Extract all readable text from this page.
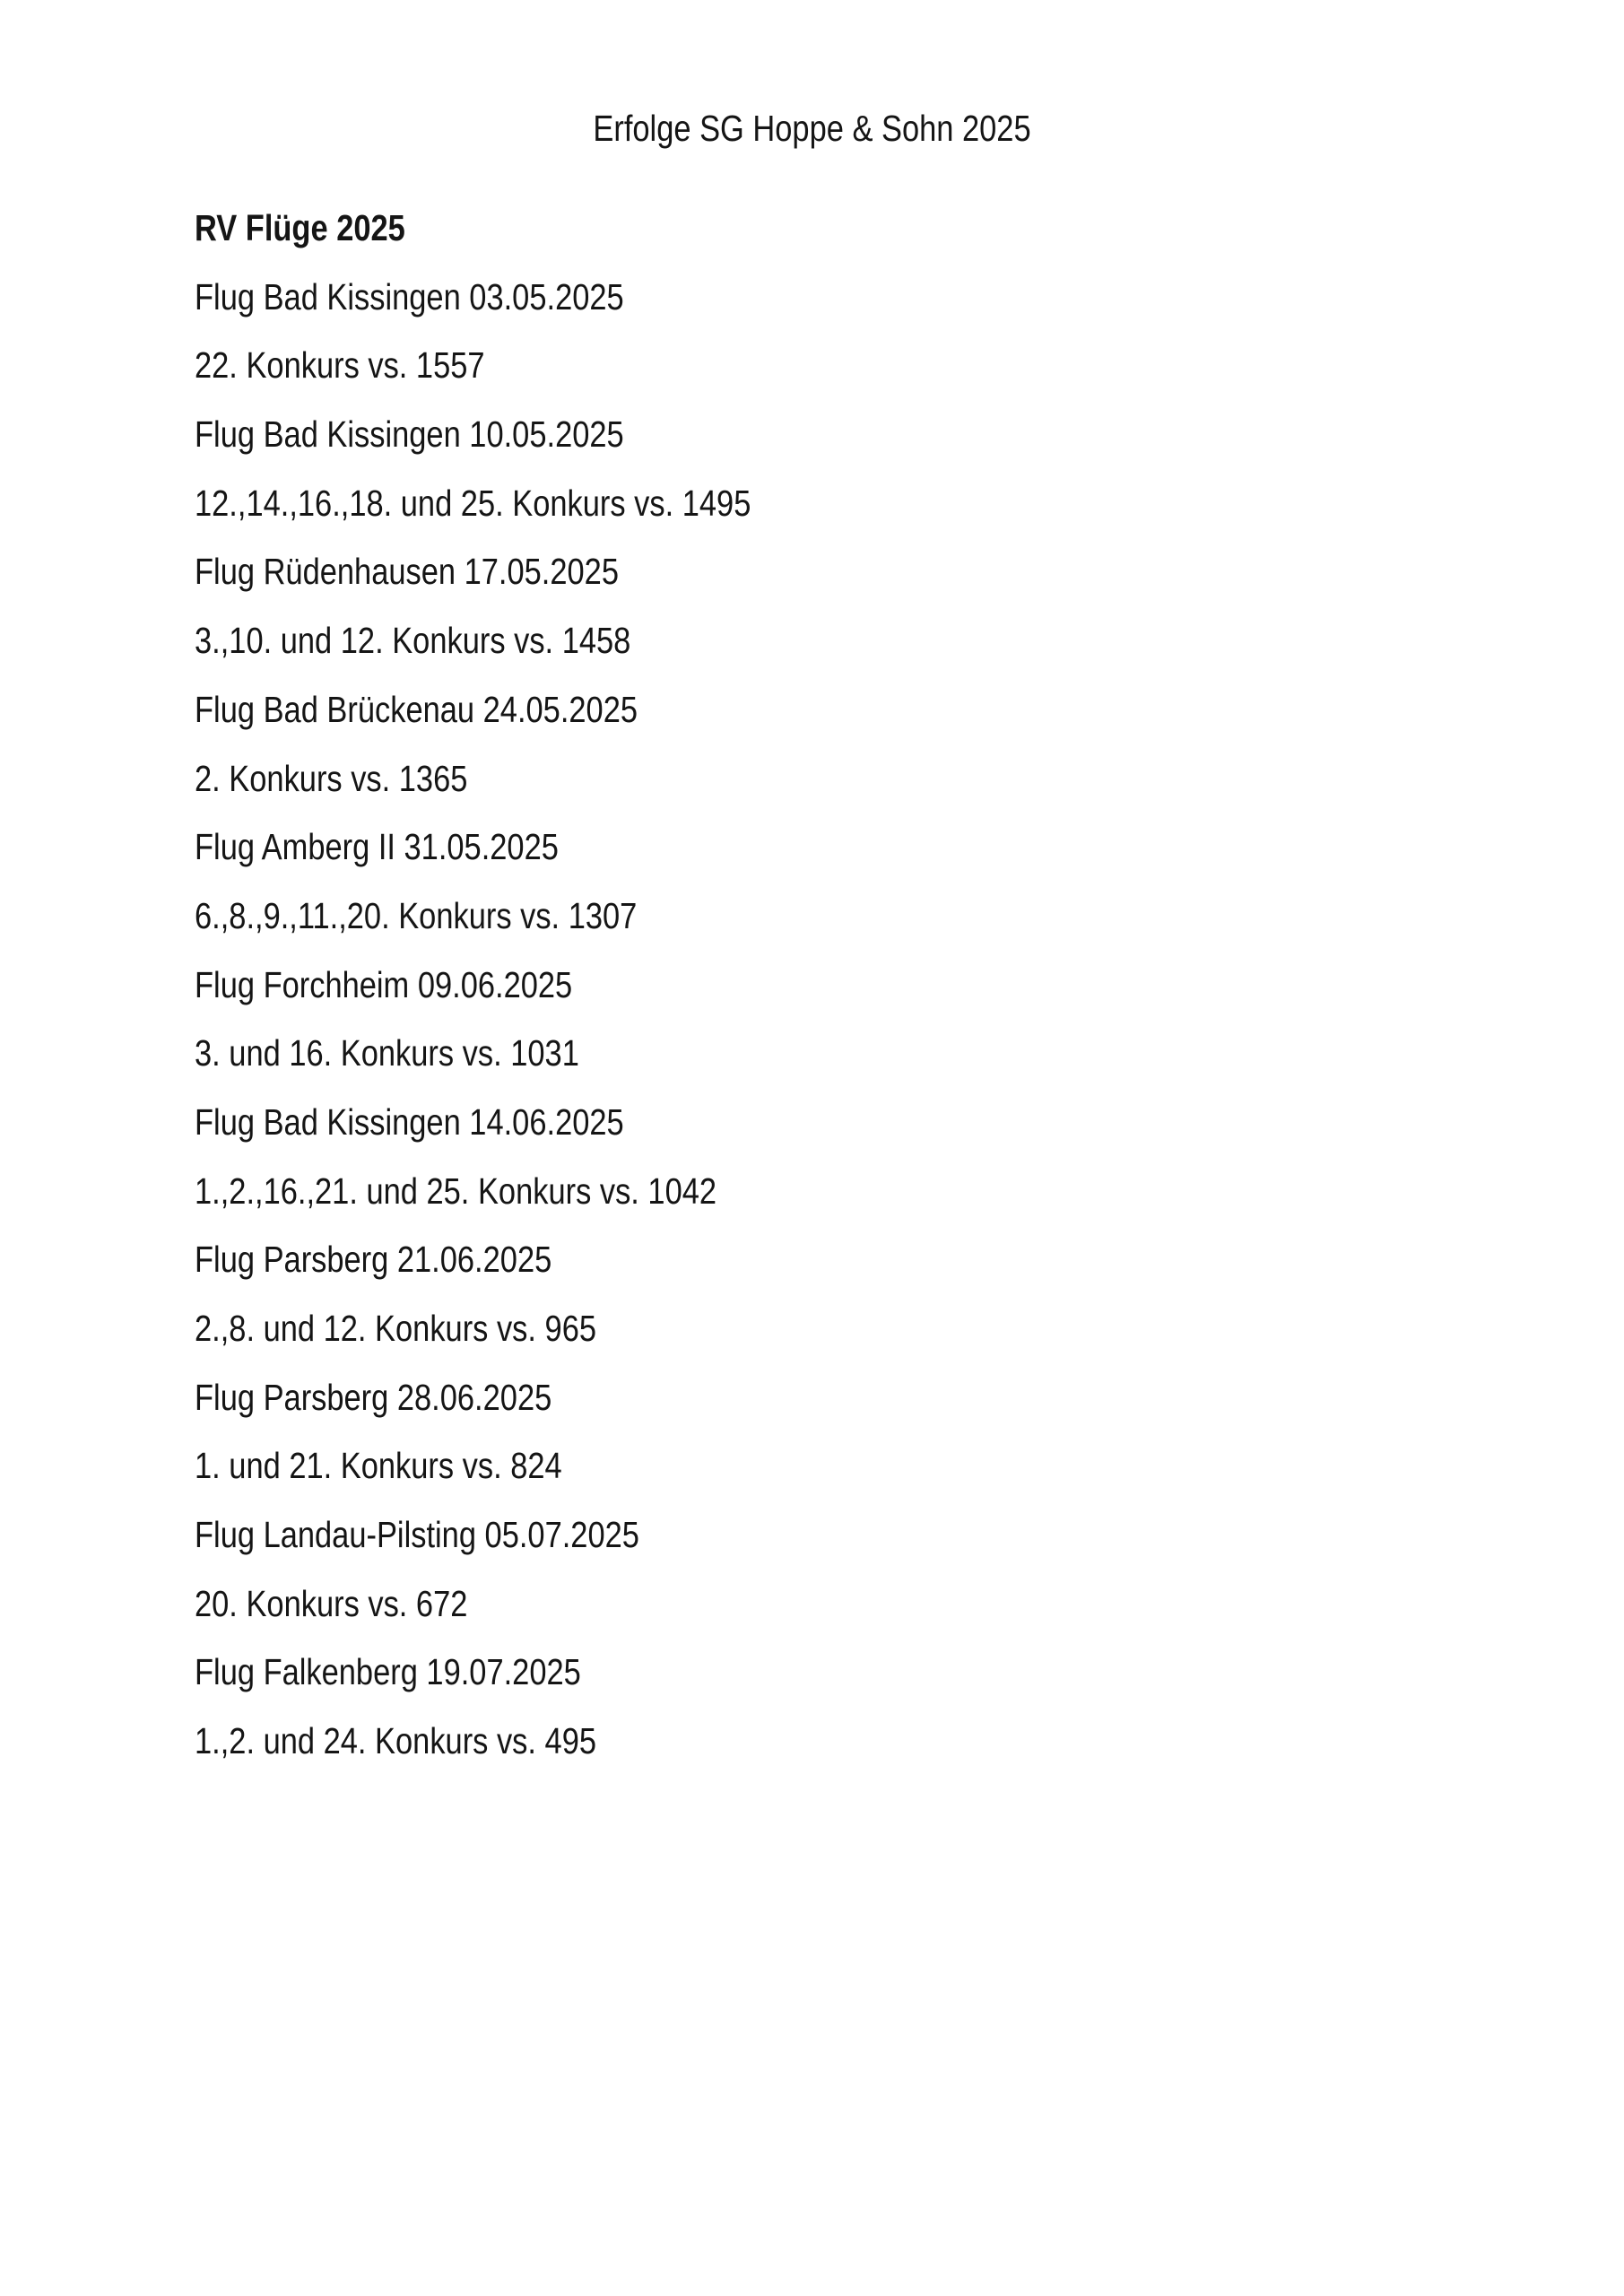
Erfolge SG Hoppe & Sohn 2025

RV Flüge 2025

Flug Bad Kissingen 03.05.2025

22. Konkurs vs. 1557

Flug Bad Kissingen 10.05.2025

12.,14.,16.,18. und 25. Konkurs vs. 1495

Flug Rüdenhausen 17.05.2025

3.,10. und 12. Konkurs vs. 1458

Flug Bad Brückenau 24.05.2025

2. Konkurs vs. 1365

Flug Amberg II 31.05.2025

6.,8.,9.,11.,20. Konkurs vs. 1307

Flug Forchheim 09.06.2025

3. und 16. Konkurs vs. 1031

Flug Bad Kissingen 14.06.2025

1.,2.,16.,21. und 25. Konkurs vs. 1042

Flug Parsberg 21.06.2025

2.,8. und 12. Konkurs vs. 965

Flug Parsberg 28.06.2025

1. und 21. Konkurs vs. 824

Flug Landau-Pilsting 05.07.2025

20. Konkurs vs. 672

Flug Falkenberg 19.07.2025

1.,2. und 24. Konkurs vs. 495
